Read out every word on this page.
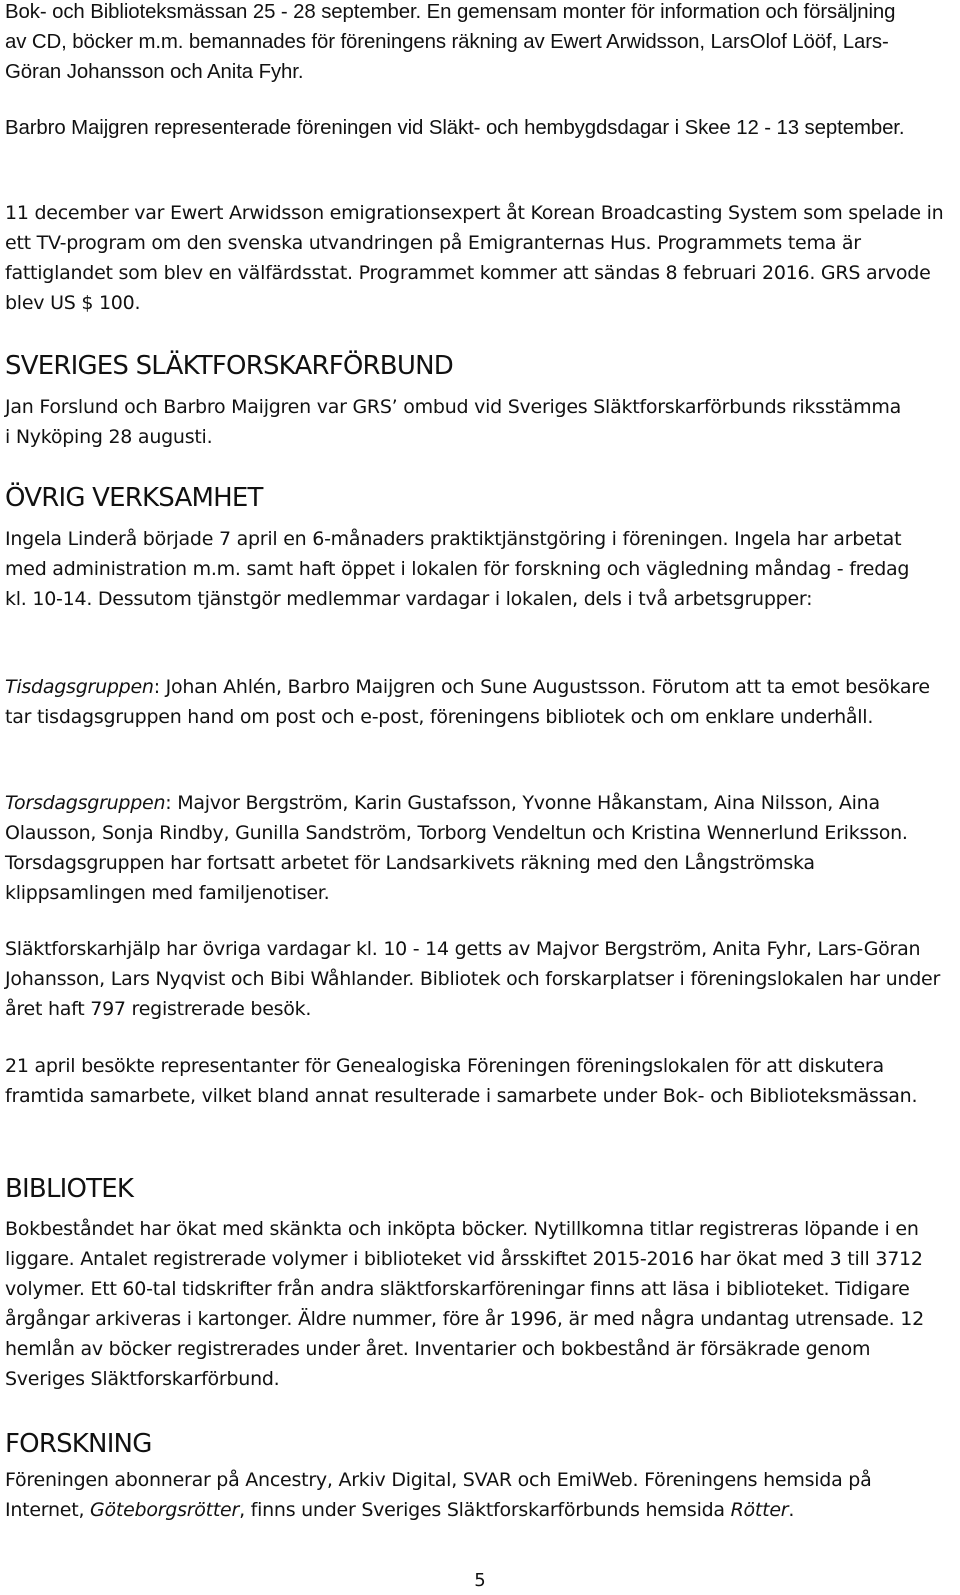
Bok- och Biblioteksmässan 25 - 28 september. En gemensam monter för information och försäljning av CD, böcker m.m. bemannades för föreningens räkning av Ewert Arwidsson, LarsOlof Lööf, Lars-Göran Johansson och Anita Fyhr.

Barbro Maijgren representerade föreningen vid Släkt- och hembygdsdagar i Skee 12 - 13 september.

11 december var Ewert Arwidsson emigrationsexpert åt Korean Broadcasting System som spelade in ett TV-program om den svenska utvandringen på Emigranternas Hus. Programmets tema är fattiglandet som blev en välfärdsstat. Programmet kommer att sändas 8 februari 2016. GRS arvode blev US $ 100.

SVERIGES SLÄKTFORSKARFÖRBUND

Jan Forslund och Barbro Maijgren var GRS’ ombud vid Sveriges Släktforskarförbunds riksstämma i Nyköping 28 augusti.

ÖVRIG VERKSAMHET

Ingela Linderå började 7 april en 6-månaders praktiktjänstgöring i föreningen. Ingela har arbetat med administration m.m. samt haft öppet i lokalen för forskning och vägledning måndag - fredag kl. 10-14. Dessutom tjänstgör medlemmar vardagar i lokalen, dels i två arbetsgrupper:

Tisdagsgruppen: Johan Ahlén, Barbro Maijgren och Sune Augustsson. Förutom att ta emot besökare tar tisdagsgruppen hand om post och e-post, föreningens bibliotek och om enklare underhåll.

Torsdagsgruppen: Majvor Bergström, Karin Gustafsson, Yvonne Håkanstam, Aina Nilsson, Aina Olausson, Sonja Rindby, Gunilla Sandström, Torborg Vendeltun och Kristina Wennerlund Eriksson. Torsdagsgruppen har fortsatt arbetet för Landsarkivets räkning med den Långströmska klippsamlingen med familjenotiser.

Släktforskarhjälp har övriga vardagar kl. 10 - 14 getts av Majvor Bergström, Anita Fyhr, Lars-Göran Johansson, Lars Nyqvist och Bibi Wåhlander. Bibliotek och forskarplatser i föreningslokalen har under året haft 797 registrerade besök.

21 april besökte representanter för Genealogiska Föreningen föreningslokalen för att diskutera framtida samarbete, vilket bland annat resulterade i samarbete under Bok- och Biblioteksmässan.

BIBLIOTEK

Bokbeståndet har ökat med skänkta och inköpta böcker. Nytillkomna titlar registreras löpande i en liggare. Antalet registrerade volymer i biblioteket vid årsskiftet 2015-2016 har ökat med 3 till 3712 volymer. Ett 60-tal tidskrifter från andra släktforskarföreningar finns att läsa i biblioteket. Tidigare årgångar arkiveras i kartonger. Äldre nummer, före år 1996, är med några undantag utrensade. 12 hemlån av böcker registrerades under året. Inventarier och bokbestånd är försäkrade genom Sveriges Släktforskarförbund.

FORSKNING

Föreningen abonnerar på Ancestry, Arkiv Digital, SVAR och EmiWeb. Föreningens hemsida på Internet, Göteborgsrötter, finns under Sveriges Släktforskarförbunds hemsida Rötter.

5
